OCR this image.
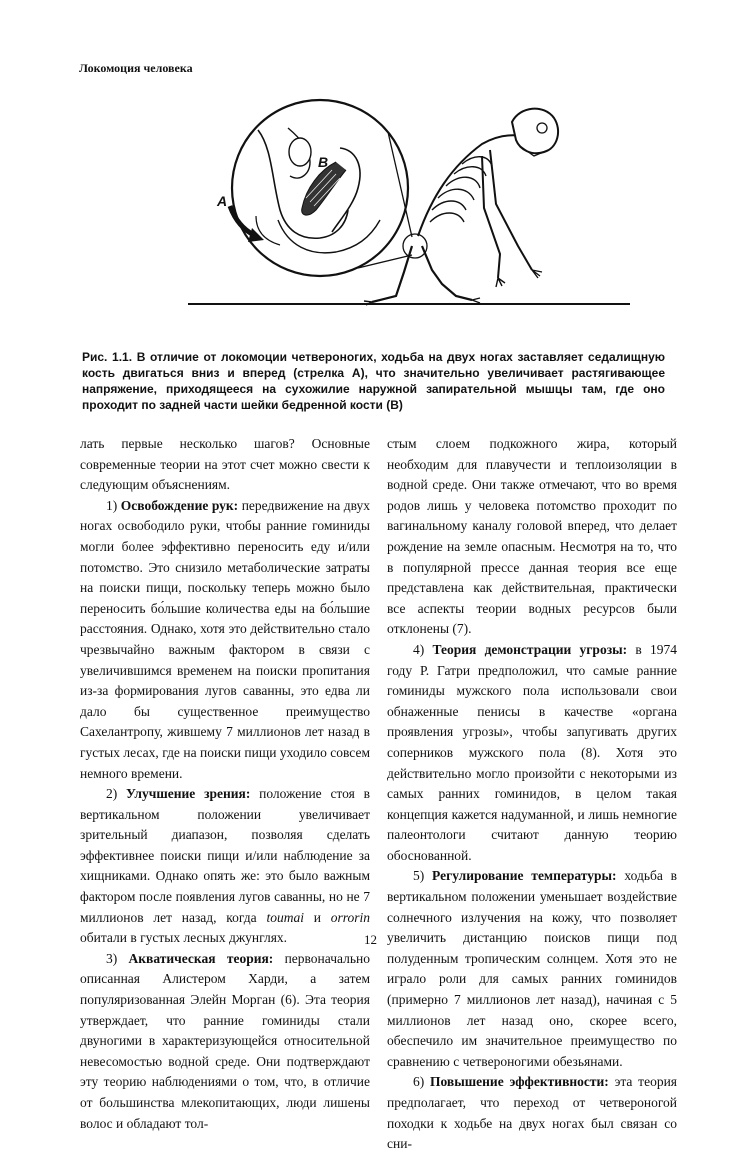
Локомоция человека
A
B
Рис. 1.1. В отличие от локомоции четвероногих, ходьба на двух ногах заставляет седалищную кость двигаться вниз и вперед (стрелка А), что значительно увеличивает растягивающее напряжение, приходящееся на сухожилие наружной запирательной мышцы там, где оно проходит по задней части шейки бедренной кости (В)

лать первые несколько шагов? Основные современные теории на этот счет можно свести к следующим объяснениям.

1) Освобождение рук: передвижение на двух ногах освободило руки, чтобы ранние гоминиды могли более эффективно переносить еду и/или потомство. Это снизило метаболические затраты на поиски пищи, поскольку теперь можно было переносить бо́льшие количества еды на бо́льшие расстояния. Однако, хотя это действительно стало чрезвычайно важным фактором в связи с увеличившимся временем на поиски пропитания из-за формирования лугов саванны, это едва ли дало бы существенное преимущество Сахелантропу, жившему 7 миллионов лет назад в густых лесах, где на поиски пищи уходило совсем немного времени.

2) Улучшение зрения: положение стоя в вертикальном положении увеличивает зрительный диапазон, позволяя сделать эффективнее поиски пищи и/или наблюдение за хищниками. Однако опять же: это было важным фактором после появления лугов саванны, но не 7 миллионов лет назад, когда toumai и orrorin обитали в густых лесных джунглях.

3) Акватическая теория: первоначально описанная Алистером Харди, а затем популяризованная Элейн Морган (6). Эта теория утверждает, что ранние гоминиды стали двуногими в характеризующейся относительной невесомостью водной среде. Они подтверждают эту теорию наблюдениями о том, что, в отличие от большинства млекопитающих, люди лишены волос и обладают тол-

стым слоем подкожного жира, который необходим для плавучести и теплоизоляции в водной среде. Они также отмечают, что во время родов лишь у человека потомство проходит по вагинальному каналу головой вперед, что делает рождение на земле опасным. Несмотря на то, что в популярной прессе данная теория все еще представлена как действительная, практически все аспекты теории водных ресурсов были отклонены (7).

4) Теория демонстрации угрозы: в 1974 году Р. Гатри предположил, что самые ранние гоминиды мужского пола использовали свои обнаженные пенисы в качестве «органа проявления угрозы», чтобы запугивать других соперников мужского пола (8). Хотя это действительно могло произойти с некоторыми из самых ранних гоминидов, в целом такая концепция кажется надуманной, и лишь немногие палеонтологи считают данную теорию обоснованной.

5) Регулирование температуры: ходьба в вертикальном положении уменьшает воздействие солнечного излучения на кожу, что позволяет увеличить дистанцию поисков пищи под полуденным тропическим солнцем. Хотя это не играло роли для самых ранних гоминидов (примерно 7 миллионов лет назад), начиная с 5 миллионов лет назад оно, скорее всего, обеспечило им значительное преимущество по сравнению с четвероногими обезьянами.

6) Повышение эффективности: эта теория предполагает, что переход от четвероногой походки к ходьбе на двух ногах был связан со сни-

12
